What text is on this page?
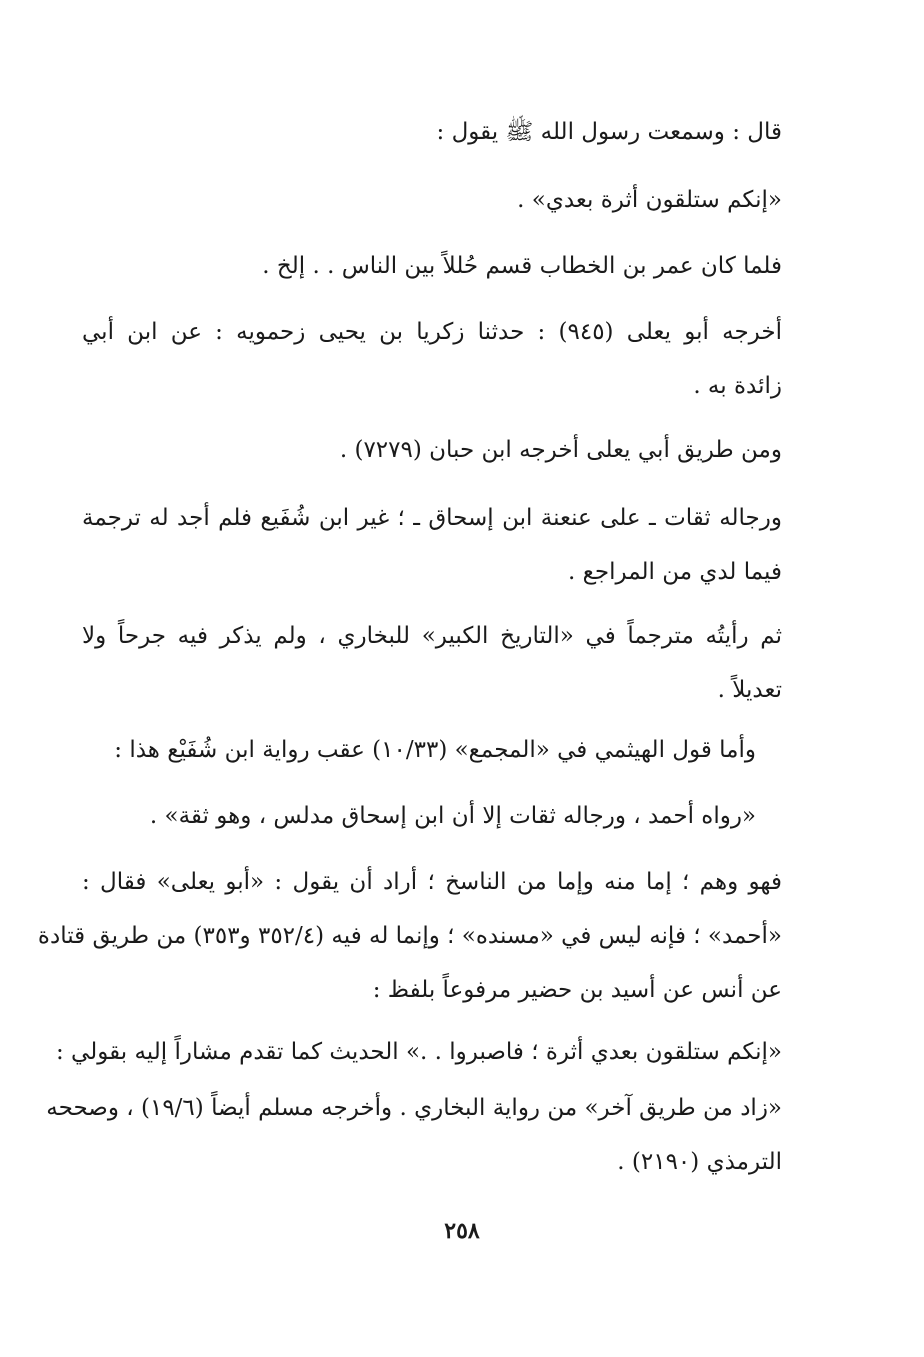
قال : وسمعت رسول الله ﷺ يقول :
«إنكم ستلقون أثرة بعدي» .
فلما كان عمر بن الخطاب قسم حُللاً بين الناس . . إلخ .
أخرجه أبو يعلى (٩٤٥) : حدثنا زكريا بن يحيى زحمويه : عن ابن أبي
زائدة به .
ومن طريق أبي يعلى أخرجه ابن حبان (٧٢٧٩) .
ورجاله ثقات ـ على عنعنة ابن إسحاق ـ ؛ غير ابن شُفَيع فلم أجد له ترجمة
فيما لدي من المراجع .
ثم رأيتُه مترجماً في «التاريخ الكبير» للبخاري ، ولم يذكر فيه جرحاً ولا
تعديلاً .
وأما قول الهيثمي في «المجمع» (١٠/٣٣) عقب رواية ابن شُفَيْع هذا :
«رواه أحمد ، ورجاله ثقات إلا أن ابن إسحاق مدلس ، وهو ثقة» .
فهو وهم ؛ إما منه وإما من الناسخ ؛ أراد أن يقول : «أبو يعلى» فقال :
«أحمد» ؛ فإنه ليس في «مسنده» ؛ وإنما له فيه (٣٥٢/٤ و٣٥٣) من طريق قتادة
عن أنس عن أسيد بن حضير مرفوعاً بلفظ :
«إنكم ستلقون بعدي أثرة ؛ فاصبروا . .» الحديث كما تقدم مشاراً إليه بقولي :
«زاد من طريق آخر» من رواية البخاري . وأخرجه مسلم أيضاً (١٩/٦) ، وصححه
الترمذي (٢١٩٠) .
٢٥٨
